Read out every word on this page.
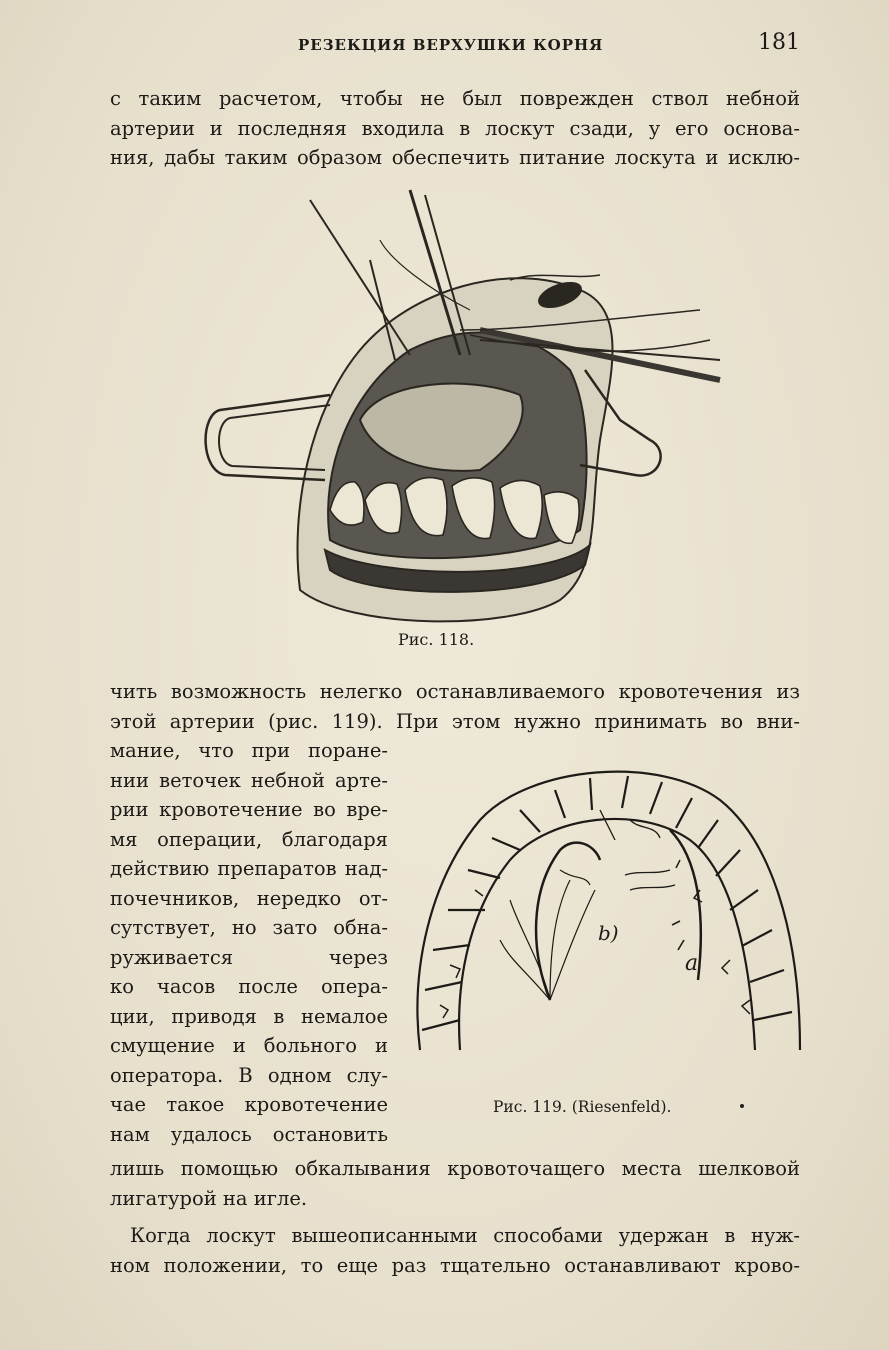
РЕЗЕКЦИЯ ВЕРХУШКИ КОРНЯ	181
с таким расчетом, чтобы не был поврежден ствол небной
артерии и последняя входила в лоскут сзади, у его основа-
ния, дабы таким образом обеспечить питание лоскута и исклю-
Рис. 118.
чить возможность нелегко останавливаемого кровотечения из
этой артерии (рис. 119). При этом нужно принимать во вни-
мание, что при поране-
нии веточек небной арте-
рии кровотечение во вре-
мя операции, благодаря
действию препаратов над-
почечников, нередко от-
сутствует, но зато обна-
руживается через
ко часов после опера-
ции, приводя в немалое
смущение и больного и
оператора. В одном слу-
чае такое кровотечение
нам удалось остановить
b)
a
Рис. 119. (Riesenfeld).
лишь помощью обкалывания кровоточащего места шелковой
лигатурой на игле.
Когда лоскут вышеописанными способами удержан в нуж-
ном положении, то еще раз тщательно останавливают крово-
